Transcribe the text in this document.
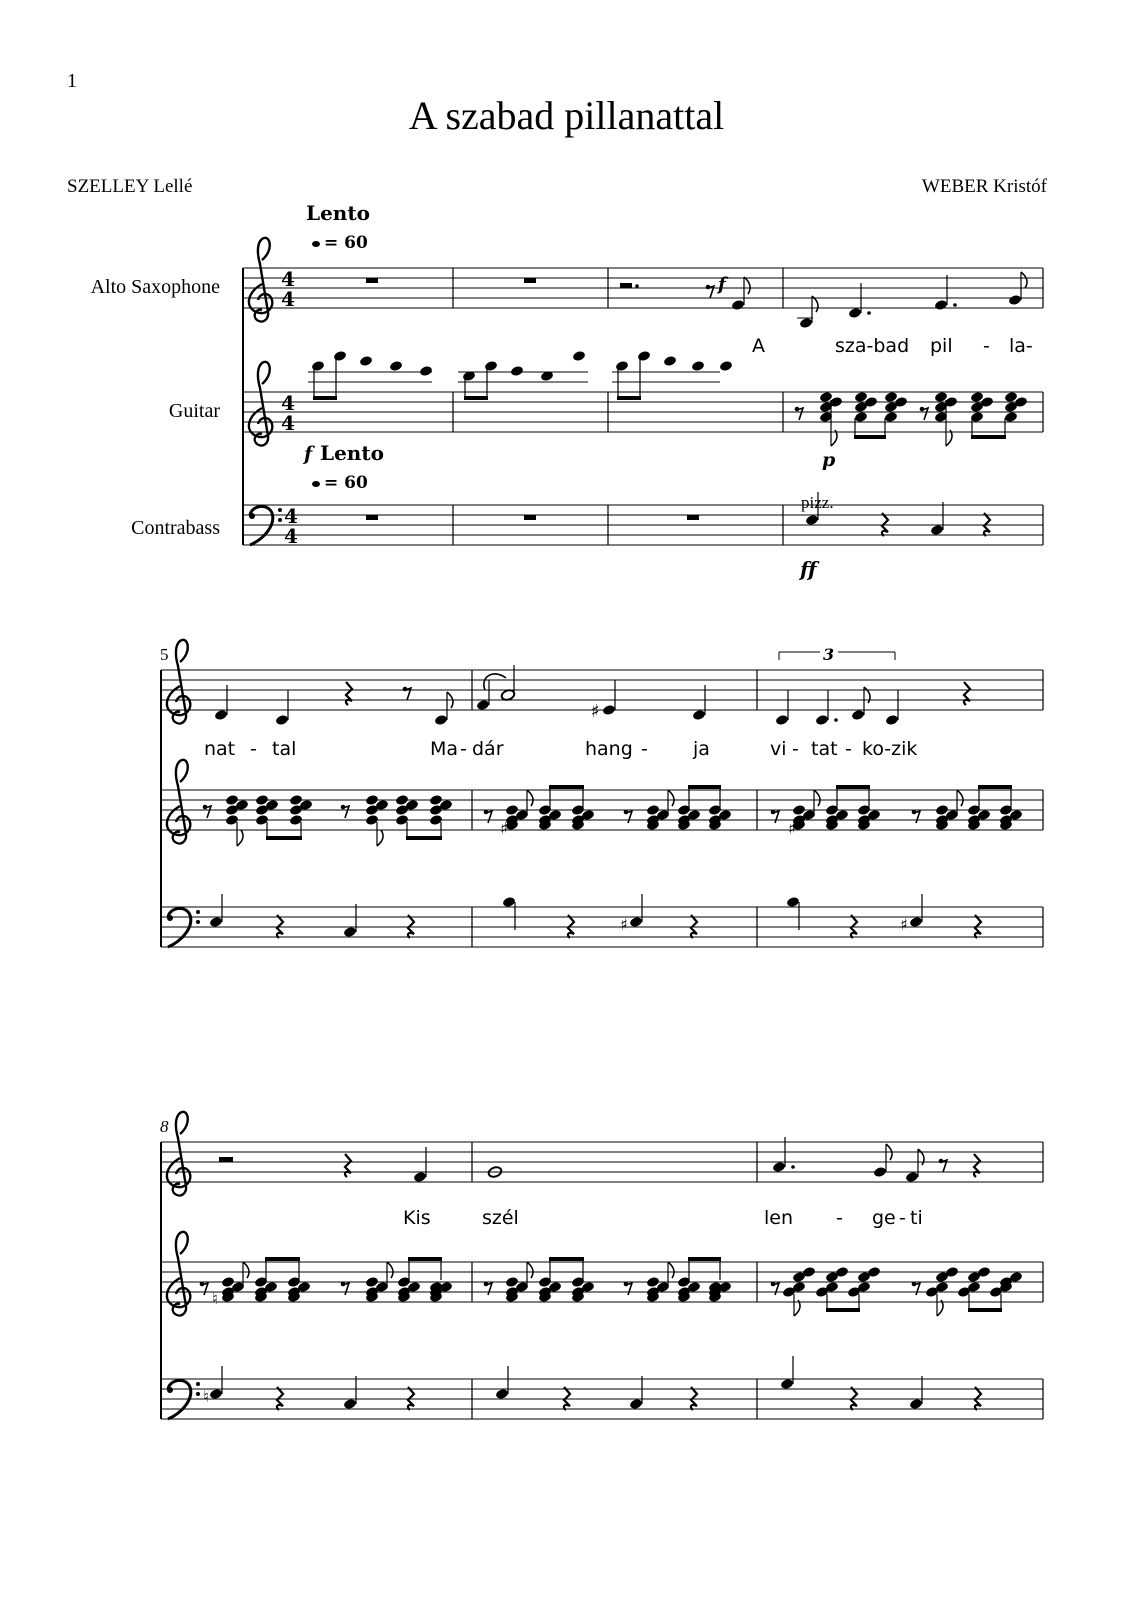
1
A szabad pillanattal
SZELLEY Lellé	WEBER Kristóf
Alto Saxophone
Guitar
Contrabass
4
4
f
Lento
= 60
A	sza-bad pil - la-
4
4
p
f Lento
= 60
4
4
pizz.
ff
5
♯
3
nat - tal	Ma - dár	hang - ja	vi - tat - ko-zik
♯	♯
♯	♯
8
Kis	szél	len - ge - ti
♮
♮
